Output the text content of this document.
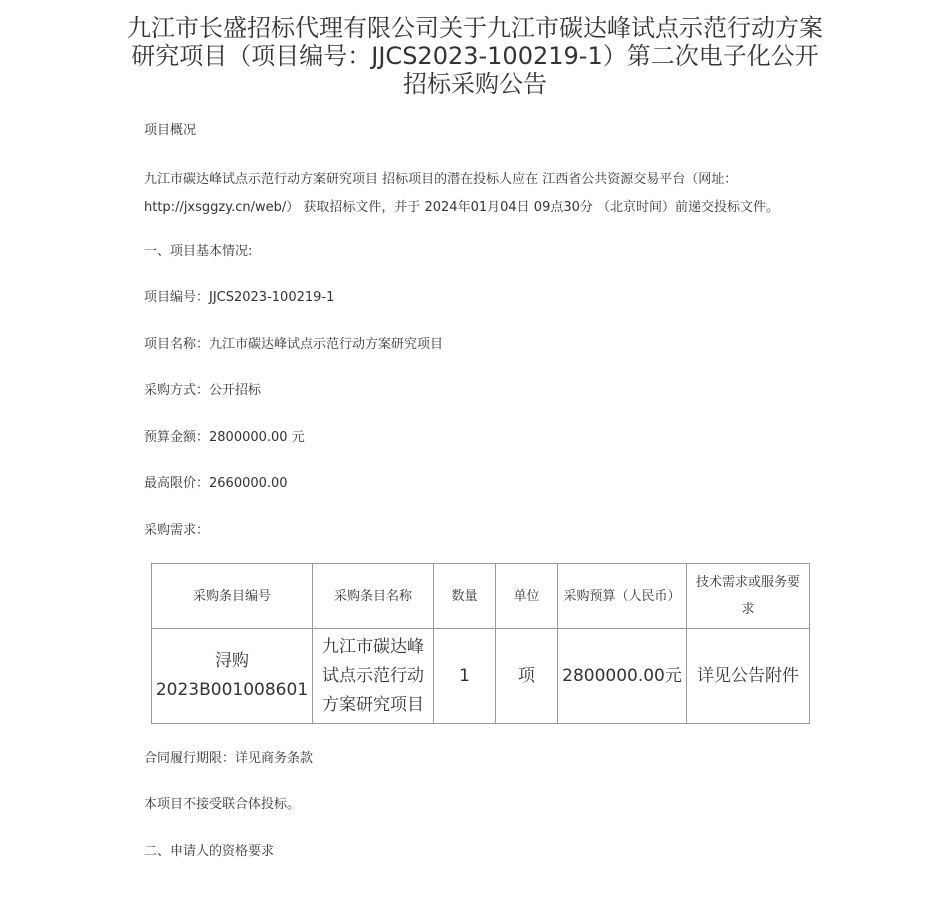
九江市长盛招标代理有限公司关于九江市碳达峰试点示范行动方案研究项目（项目编号：JJCS2023-100219-1）第二次电子化公开招标采购公告
项目概况
九江市碳达峰试点示范行动方案研究项目 招标项目的潜在投标人应在 江西省公共资源交易平台（网址：http://jxsggzy.cn/web/） 获取招标文件，并于 2024年01月04日 09点30分 （北京时间）前递交投标文件。
一、项目基本情况:
项目编号：JJCS2023-100219-1
项目名称：九江市碳达峰试点示范行动方案研究项目
采购方式：公开招标
预算金额：2800000.00 元
最高限价：2660000.00
采购需求：
采购条目编号	采购条目名称	数量	单位	采购预算（人民币）	技术需求或服务要求
浔购2023B001008601	九江市碳达峰试点示范行动方案研究项目	1	项	2800000.00元	详见公告附件
合同履行期限：详见商务条款
本项目不接受联合体投标。
二、申请人的资格要求
